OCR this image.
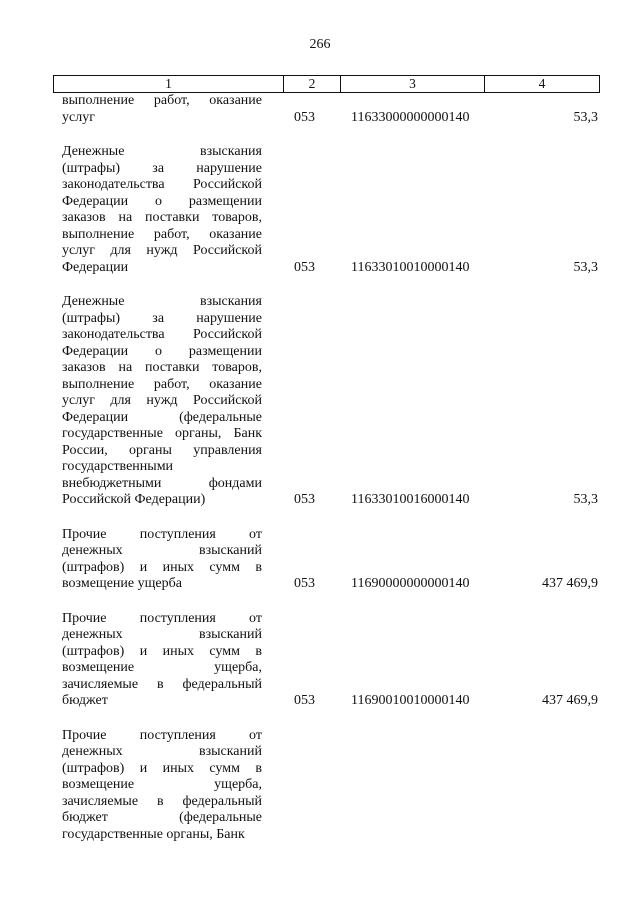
266
1	2	3	4
выполнение работ, оказание
услуг	053	11633000000000140	53,3
Денежные взыскания
(штрафы) за нарушение
законодательства Российской
Федерации о размещении
заказов на поставки товаров,
выполнение работ, оказание
услуг для нужд Российской
Федерации	053	11633010010000140	53,3
Денежные взыскания
(штрафы) за нарушение
законодательства Российской
Федерации о размещении
заказов на поставки товаров,
выполнение работ, оказание
услуг для нужд Российской
Федерации (федеральные
государственные органы, Банк
России, органы управления
государственными
внебюджетными фондами
Российской Федерации)	053	11633010016000140	53,3
Прочие поступления от
денежных взысканий
(штрафов) и иных сумм в
возмещение ущерба	053	11690000000000140	437 469,9
Прочие поступления от
денежных взысканий
(штрафов) и иных сумм в
возмещение ущерба,
зачисляемые в федеральный
бюджет	053	11690010010000140	437 469,9
Прочие поступления от
денежных взысканий
(штрафов) и иных сумм в
возмещение ущерба,
зачисляемые в федеральный
бюджет (федеральные
государственные органы, Банк
